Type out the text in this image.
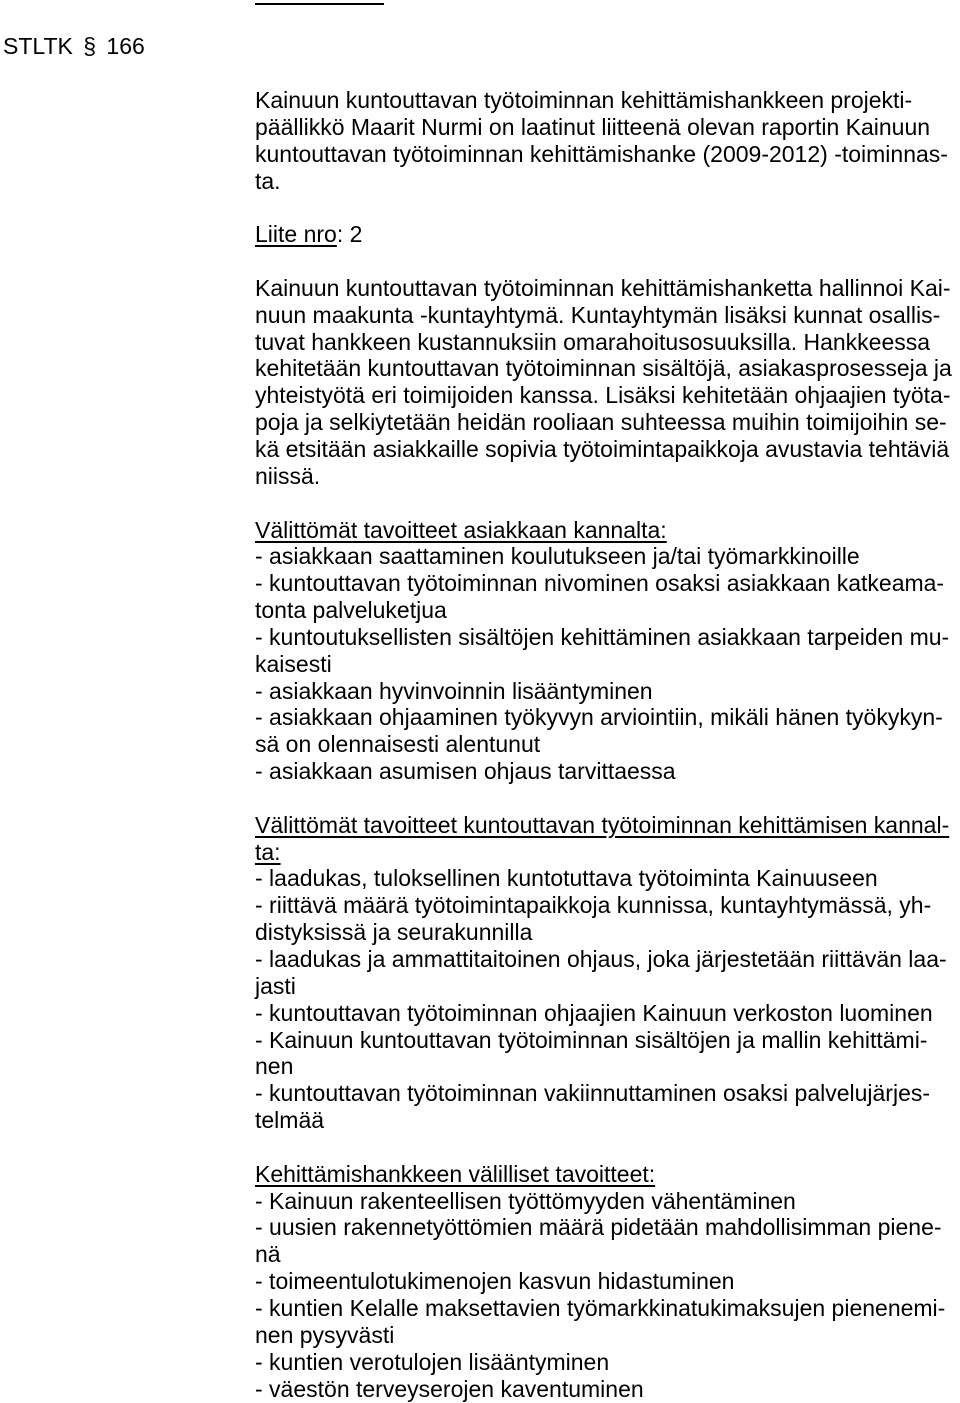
STLTK § 166
Kainuun kuntouttavan työtoiminnan kehittämishankkeen projekti-
päällikkö Maarit Nurmi on laatinut liitteenä olevan raportin Kainuun
kuntouttavan työtoiminnan kehittämishanke (2009-2012) -toiminnas-
ta.
Liite nro: 2
Kainuun kuntouttavan työtoiminnan kehittämishanketta hallinnoi Kai-
nuun maakunta -kuntayhtymä. Kuntayhtymän lisäksi kunnat osallis-
tuvat hankkeen kustannuksiin omarahoitusosuuksilla. Hankkeessa
kehitetään kuntouttavan työtoiminnan sisältöjä, asiakasprosesseja ja
yhteistyötä eri toimijoiden kanssa. Lisäksi kehitetään ohjaajien työta-
poja ja selkiytetään heidän rooliaan suhteessa muihin toimijoihin se-
kä etsitään asiakkaille sopivia työtoimintapaikkoja avustavia tehtäviä
niissä.
Välittömät tavoitteet asiakkaan kannalta:
- asiakkaan saattaminen koulutukseen ja/tai työmarkkinoille
- kuntouttavan työtoiminnan nivominen osaksi asiakkaan katkeama-
tonta palveluketjua
- kuntoutuksellisten sisältöjen kehittäminen asiakkaan tarpeiden mu-
kaisesti
- asiakkaan hyvinvoinnin lisääntyminen
- asiakkaan ohjaaminen työkyvyn arviointiin, mikäli hänen työkykyn-
sä on olennaisesti alentunut
- asiakkaan asumisen ohjaus tarvittaessa
Välittömät tavoitteet kuntouttavan työtoiminnan kehittämisen kannal-
ta:
- laadukas, tuloksellinen kuntotuttava työtoiminta Kainuuseen
- riittävä määrä työtoimintapaikkoja kunnissa, kuntayhtymässä, yh-
distyksissä ja seurakunnilla
- laadukas ja ammattitaitoinen ohjaus, joka järjestetään riittävän laa-
jasti
- kuntouttavan työtoiminnan ohjaajien Kainuun verkoston luominen
- Kainuun kuntouttavan työtoiminnan sisältöjen ja mallin kehittämi-
nen
- kuntouttavan työtoiminnan vakiinnuttaminen osaksi palvelujärjes-
telmää
Kehittämishankkeen välilliset tavoitteet:
- Kainuun rakenteellisen työttömyyden vähentäminen
- uusien rakennetyöttömien määrä pidetään mahdollisimman piene-
nä
- toimeentulotukimenojen kasvun hidastuminen
- kuntien Kelalle maksettavien työmarkkinatukimaksujen pienenemi-
nen pysyvästi
- kuntien verotulojen lisääntyminen
- väestön terveyserojen kaventuminen
